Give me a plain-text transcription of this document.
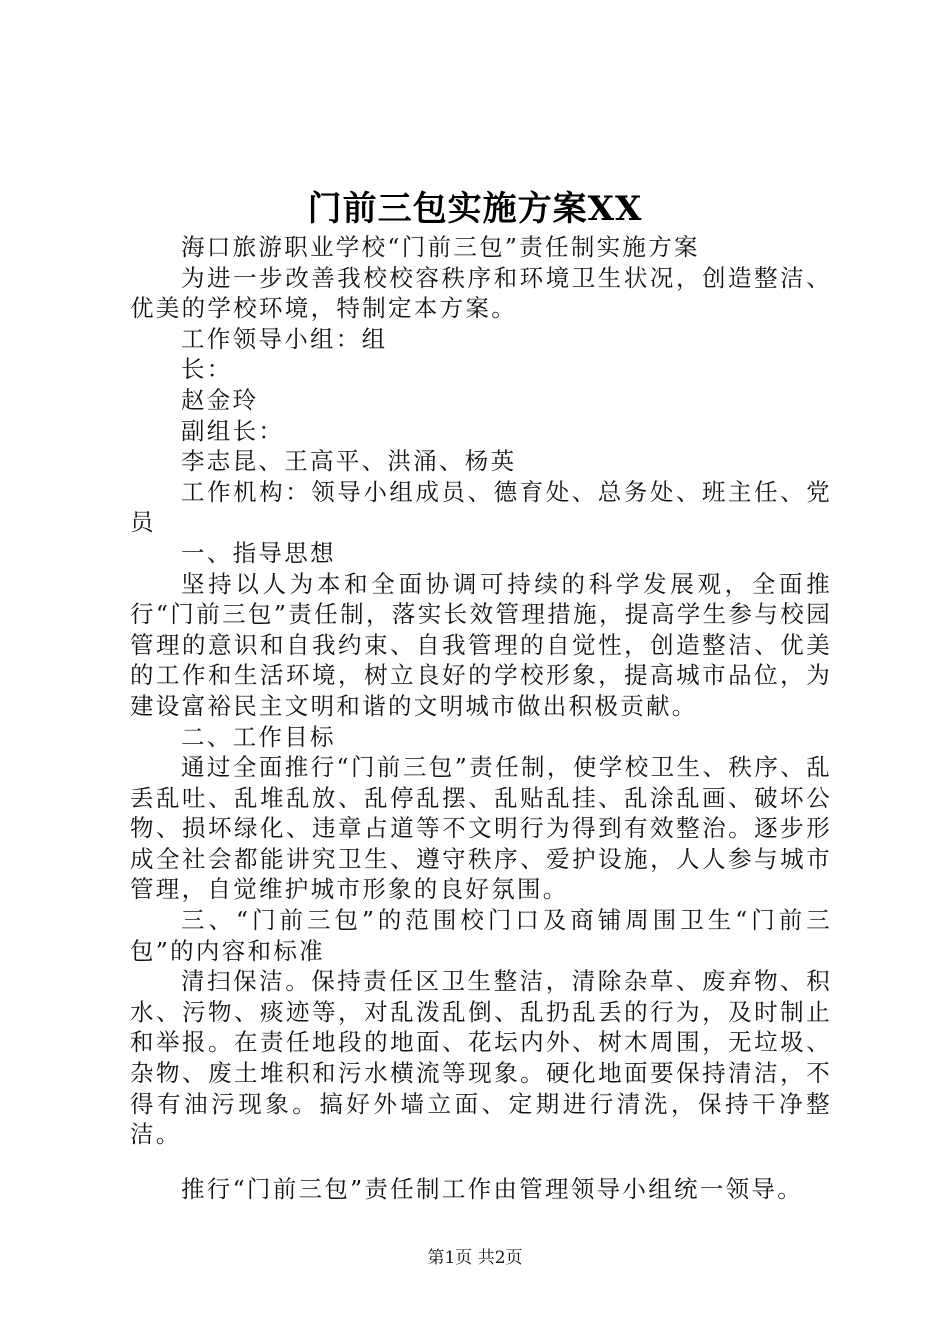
门前三包实施方案XX

海口旅游职业学校“门前三包”责任制实施方案

为进一步改善我校校容秩序和环境卫生状况，创造整洁、优美的学校环境，特制定本方案。

工作领导小组：组

长：

赵金玲

副组长：

李志昆、王高平、洪涌、杨英

工作机构：领导小组成员、德育处、总务处、班主任、党员

一、指导思想

坚持以人为本和全面协调可持续的科学发展观，全面推行“门前三包”责任制，落实长效管理措施，提高学生参与校园管理的意识和自我约束、自我管理的自觉性，创造整洁、优美的工作和生活环境，树立良好的学校形象，提高城市品位，为建设富裕民主文明和谐的文明城市做出积极贡献。

二、工作目标

通过全面推行“门前三包”责任制，使学校卫生、秩序、乱丢乱吐、乱堆乱放、乱停乱摆、乱贴乱挂、乱涂乱画、破坏公物、损坏绿化、违章占道等不文明行为得到有效整治。逐步形成全社会都能讲究卫生、遵守秩序、爱护设施，人人参与城市管理，自觉维护城市形象的良好氛围。

三、“门前三包”的范围校门口及商铺周围卫生“门前三包”的内容和标准

清扫保洁。保持责任区卫生整洁，清除杂草、废弃物、积水、污物、痰迹等，对乱泼乱倒、乱扔乱丢的行为，及时制止和举报。在责任地段的地面、花坛内外、树木周围，无垃圾、杂物、废土堆积和污水横流等现象。硬化地面要保持清洁，不得有油污现象。搞好外墙立面、定期进行清洗，保持干净整洁。

推行“门前三包”责任制工作由管理领导小组统一领导。

第1页 共2页
